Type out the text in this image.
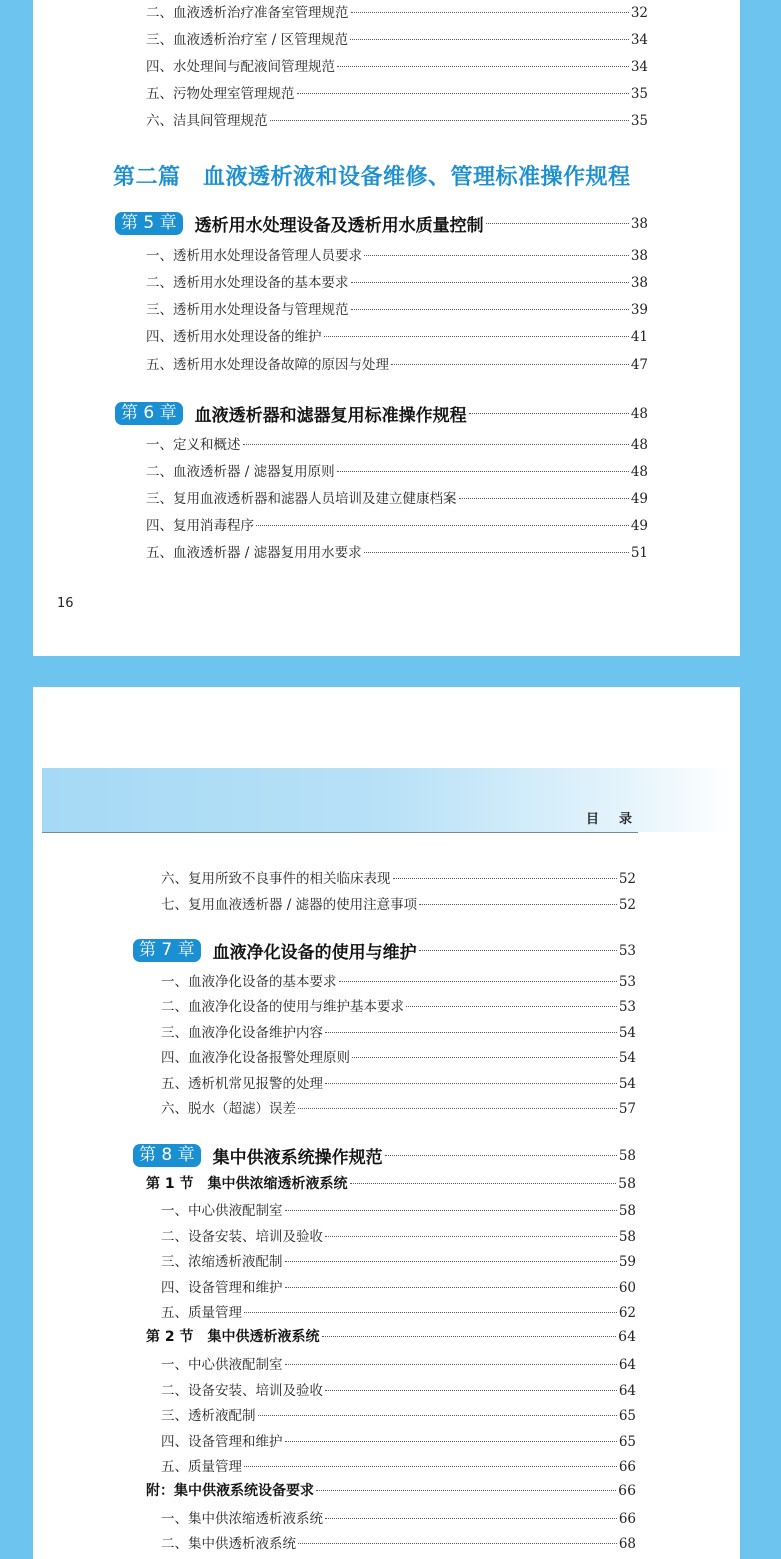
二、血液透析治疗准备室管理规范	32
三、血液透析治疗室 / 区管理规范	34
四、水处理间与配液间管理规范	34
五、污物处理室管理规范	35
六、洁具间管理规范	35
第二篇　血液透析液和设备维修、管理标准操作规程
第 5 章	透析用水处理设备及透析用水质量控制	38
一、透析用水处理设备管理人员要求	38
二、透析用水处理设备的基本要求	38
三、透析用水处理设备与管理规范	39
四、透析用水处理设备的维护	41
五、透析用水处理设备故障的原因与处理	47
第 6 章	血液透析器和滤器复用标准操作规程	48
一、定义和概述	48
二、血液透析器 / 滤器复用原则	48
三、复用血液透析器和滤器人员培训及建立健康档案	49
四、复用消毒程序	49
五、血液透析器 / 滤器复用用水要求	51
16
目录
六、复用所致不良事件的相关临床表现	52
七、复用血液透析器 / 滤器的使用注意事项	52
第 7 章	血液净化设备的使用与维护	53
一、血液净化设备的基本要求	53
二、血液净化设备的使用与维护基本要求	53
三、血液净化设备维护内容	54
四、血液净化设备报警处理原则	54
五、透析机常见报警的处理	54
六、脱水（超滤）误差	57
第 8 章	集中供液系统操作规范	58
第 1 节　集中供浓缩透析液系统	58
一、中心供液配制室	58
二、设备安装、培训及验收	58
三、浓缩透析液配制	59
四、设备管理和维护	60
五、质量管理	62
第 2 节　集中供透析液系统	64
一、中心供液配制室	64
二、设备安装、培训及验收	64
三、透析液配制	65
四、设备管理和维护	65
五、质量管理	66
附：集中供液系统设备要求	66
一、集中供浓缩透析液系统	66
二、集中供透析液系统	68
